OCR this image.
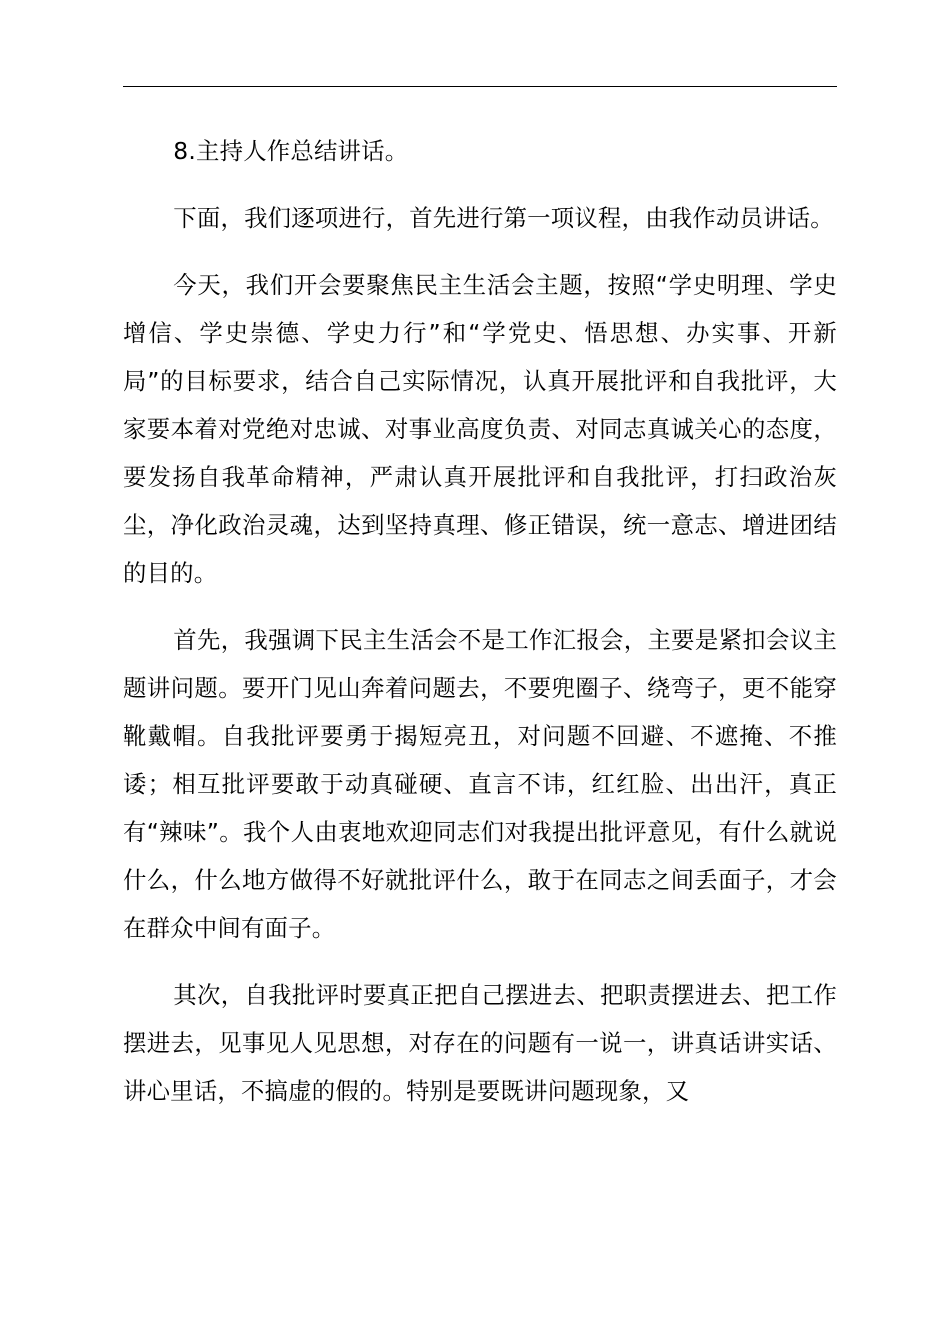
8.主持人作总结讲话。

下面，我们逐项进行，首先进行第一项议程，由我作动员讲话。

今天，我们开会要聚焦民主生活会主题，按照“学史明理、学史增信、学史崇德、学史力行”和“学党史、悟思想、办实事、开新局”的目标要求，结合自己实际情况，认真开展批评和自我批评，大家要本着对党绝对忠诚、对事业高度负责、对同志真诚关心的态度，要发扬自我革命精神，严肃认真开展批评和自我批评，打扫政治灰尘，净化政治灵魂，达到坚持真理、修正错误，统一意志、增进团结的目的。

首先，我强调下民主生活会不是工作汇报会，主要是紧扣会议主题讲问题。要开门见山奔着问题去，不要兜圈子、绕弯子，更不能穿靴戴帽。自我批评要勇于揭短亮丑，对问题不回避、不遮掩、不推诿；相互批评要敢于动真碰硬、直言不讳，红红脸、出出汗，真正有“辣味”。我个人由衷地欢迎同志们对我提出批评意见，有什么就说什么，什么地方做得不好就批评什么，敢于在同志之间丢面子，才会在群众中间有面子。

其次，自我批评时要真正把自己摆进去、把职责摆进去、把工作摆进去，见事见人见思想，对存在的问题有一说一，讲真话讲实话、讲心里话，不搞虚的假的。特别是要既讲问题现象，又
